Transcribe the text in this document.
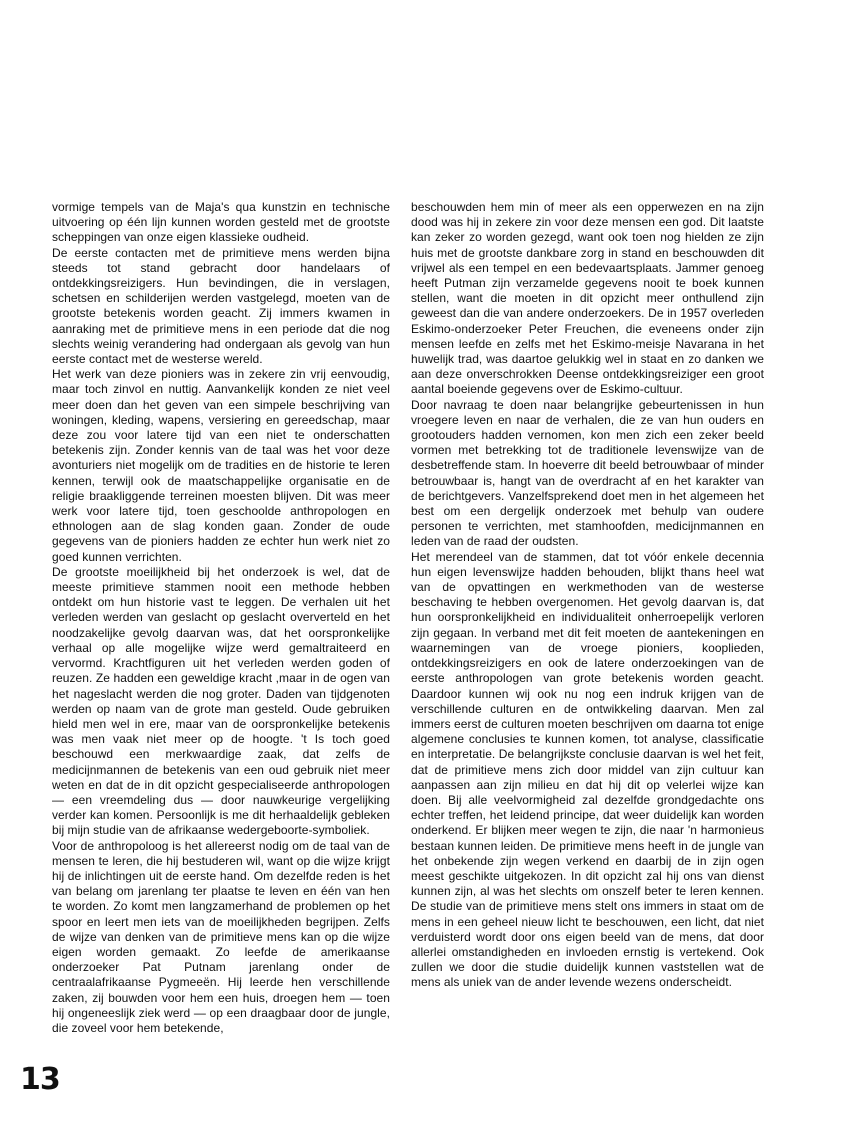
vormige tempels van de Maja's qua kunstzin en technische uitvoering op één lijn kunnen worden gesteld met de grootste scheppingen van onze eigen klassieke oudheid.

De eerste contacten met de primitieve mens werden bijna steeds tot stand gebracht door handelaars of ontdekkingsreizigers. Hun bevindingen, die in verslagen, schetsen en schilderijen werden vastgelegd, moeten van de grootste betekenis worden geacht. Zij immers kwamen in aanraking met de primitieve mens in een periode dat die nog slechts weinig verandering had ondergaan als gevolg van hun eerste contact met de westerse wereld.

Het werk van deze pioniers was in zekere zin vrij eenvoudig, maar toch zinvol en nuttig. Aanvankelijk konden ze niet veel meer doen dan het geven van een simpele beschrijving van woningen, kleding, wapens, versiering en gereedschap, maar deze zou voor latere tijd van een niet te onderschatten betekenis zijn. Zonder kennis van de taal was het voor deze avonturiers niet mogelijk om de tradities en de historie te leren kennen, terwijl ook de maatschappelijke organisatie en de religie braakliggende terreinen moesten blijven. Dit was meer werk voor latere tijd, toen geschoolde anthropologen en ethnologen aan de slag konden gaan. Zonder de oude gegevens van de pioniers hadden ze echter hun werk niet zo goed kunnen verrichten.

De grootste moeilijkheid bij het onderzoek is wel, dat de meeste primitieve stammen nooit een methode hebben ontdekt om hun historie vast te leggen. De verhalen uit het verleden werden van geslacht op geslacht oververteld en het noodzakelijke gevolg daarvan was, dat het oorspronkelijke verhaal op alle mogelijke wijze werd gemaltraiteerd en vervormd. Krachtfiguren uit het verleden werden goden of reuzen. Ze hadden een geweldige kracht ,maar in de ogen van het nageslacht werden die nog groter. Daden van tijdgenoten werden op naam van de grote man gesteld. Oude gebruiken hield men wel in ere, maar van de oorspronkelijke betekenis was men vaak niet meer op de hoogte. 't Is toch goed beschouwd een merkwaardige zaak, dat zelfs de medicijnmannen de betekenis van een oud gebruik niet meer weten en dat de in dit opzicht gespecialiseerde anthropologen — een vreemdeling dus — door nauwkeurige vergelijking verder kan komen. Persoonlijk is me dit herhaaldelijk gebleken bij mijn studie van de afrikaanse wedergeboorte-symboliek.

Voor de anthropoloog is het allereerst nodig om de taal van de mensen te leren, die hij bestuderen wil, want op die wijze krijgt hij de inlichtingen uit de eerste hand. Om dezelfde reden is het van belang om jarenlang ter plaatse te leven en één van hen te worden. Zo komt men langzamerhand de problemen op het spoor en leert men iets van de moeilijkheden begrijpen. Zelfs de wijze van denken van de primitieve mens kan op die wijze eigen worden gemaakt. Zo leefde de amerikaanse onderzoeker Pat Putnam jarenlang onder de centraalafrikaanse Pygmeeën. Hij leerde hen verschillende zaken, zij bouwden voor hem een huis, droegen hem — toen hij ongeneeslijk ziek werd — op een draagbaar door de jungle, die zoveel voor hem betekende,

beschouwden hem min of meer als een opperwezen en na zijn dood was hij in zekere zin voor deze mensen een god. Dit laatste kan zeker zo worden gezegd, want ook toen nog hielden ze zijn huis met de grootste dankbare zorg in stand en beschouwden dit vrijwel als een tempel en een bedevaartsplaats. Jammer genoeg heeft Putman zijn verzamelde gegevens nooit te boek kunnen stellen, want die moeten in dit opzicht meer onthullend zijn geweest dan die van andere onderzoekers. De in 1957 overleden Eskimo-onderzoeker Peter Freuchen, die eveneens onder zijn mensen leefde en zelfs met het Eskimo-meisje Navarana in het huwelijk trad, was daartoe gelukkig wel in staat en zo danken we aan deze onverschrokken Deense ontdekkingsreiziger een groot aantal boeiende gegevens over de Eskimo-cultuur.

Door navraag te doen naar belangrijke gebeurtenissen in hun vroegere leven en naar de verhalen, die ze van hun ouders en grootouders hadden vernomen, kon men zich een zeker beeld vormen met betrekking tot de traditionele levenswijze van de desbetreffende stam. In hoeverre dit beeld betrouwbaar of minder betrouwbaar is, hangt van de overdracht af en het karakter van de berichtgevers. Vanzelfsprekend doet men in het algemeen het best om een dergelijk onderzoek met behulp van oudere personen te verrichten, met stamhoofden, medicijnmannen en leden van de raad der oudsten.

Het merendeel van de stammen, dat tot vóór enkele decennia hun eigen levenswijze hadden behouden, blijkt thans heel wat van de opvattingen en werkmethoden van de westerse beschaving te hebben overgenomen. Het gevolg daarvan is, dat hun oorspronkelijkheid en individualiteit onherroepelijk verloren zijn gegaan. In verband met dit feit moeten de aantekeningen en waarnemingen van de vroege pioniers, kooplieden, ontdekkingsreizigers en ook de latere onderzoekingen van de eerste anthropologen van grote betekenis worden geacht. Daardoor kunnen wij ook nu nog een indruk krijgen van de verschillende culturen en de ontwikkeling daarvan. Men zal immers eerst de culturen moeten beschrijven om daarna tot enige algemene conclusies te kunnen komen, tot analyse, classificatie en interpretatie. De belangrijkste conclusie daarvan is wel het feit, dat de primitieve mens zich door middel van zijn cultuur kan aanpassen aan zijn milieu en dat hij dit op velerlei wijze kan doen. Bij alle veelvormigheid zal dezelfde grondgedachte ons echter treffen, het leidend principe, dat weer duidelijk kan worden onderkend. Er blijken meer wegen te zijn, die naar 'n harmonieus bestaan kunnen leiden. De primitieve mens heeft in de jungle van het onbekende zijn wegen verkend en daarbij de in zijn ogen meest geschikte uitgekozen. In dit opzicht zal hij ons van dienst kunnen zijn, al was het slechts om onszelf beter te leren kennen. De studie van de primitieve mens stelt ons immers in staat om de mens in een geheel nieuw licht te beschouwen, een licht, dat niet verduisterd wordt door ons eigen beeld van de mens, dat door allerlei omstandigheden en invloeden ernstig is vertekend. Ook zullen we door die studie duidelijk kunnen vaststellen wat de mens als uniek van de ander levende wezens onderscheidt.

13
